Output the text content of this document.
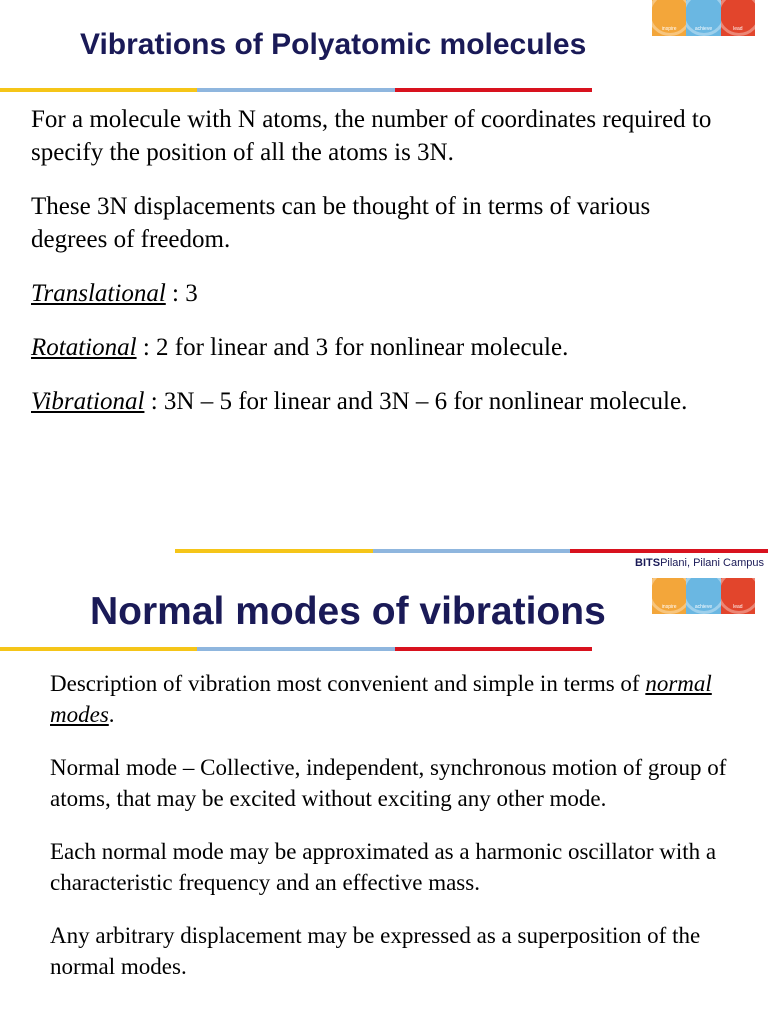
inspire	achieve	lead
Vibrations of Polyatomic molecules

For a molecule with N atoms, the number of coordinates required to specify the position of all the atoms is 3N.

These 3N displacements can be thought of in terms of various degrees of freedom.

Translational : 3

Rotational : 2 for linear and 3 for nonlinear molecule.

Vibrational : 3N – 5 for linear and 3N – 6 for nonlinear molecule.

BITSPilani, Pilani Campus
inspire	achieve	lead
Normal modes of vibrations

Description of vibration most convenient and simple in terms of normal modes.

Normal mode – Collective, independent, synchronous motion of group of atoms, that may be excited without exciting any other mode.

Each normal mode may be approximated as a harmonic oscillator with a characteristic frequency and an effective mass.

Any arbitrary displacement may be expressed as a superposition of the normal modes.
